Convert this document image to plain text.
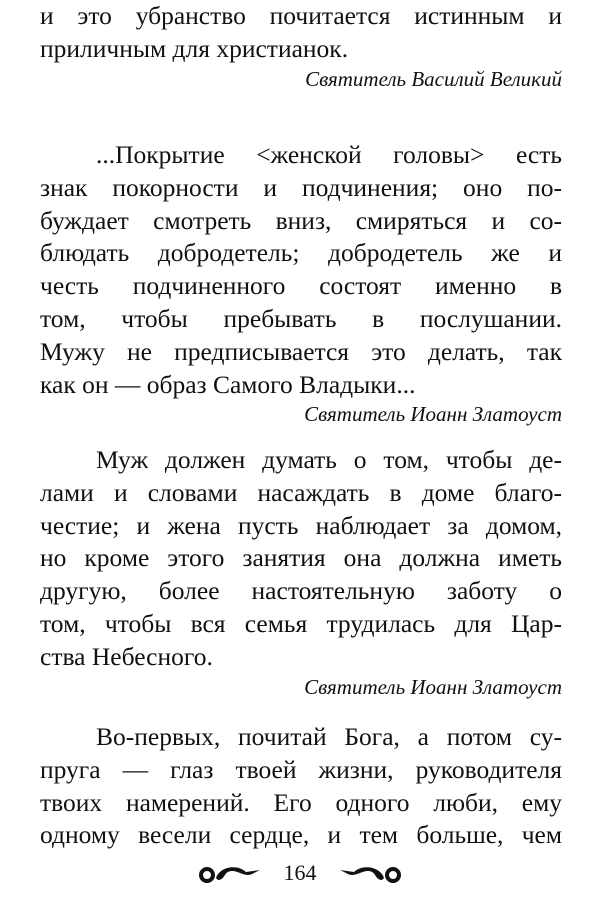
и это убранство почитается истинным и
приличным для христианок.
Святитель Василий Великий
...Покрытие <женской головы> есть
знак покорности и подчинения; оно по-
буждает смотреть вниз, смиряться и со-
блюдать добродетель; добродетель же и
честь подчиненного состоят именно в
том, чтобы пребывать в послушании.
Мужу не предписывается это делать, так
как он — образ Самого Владыки...
Святитель Иоанн Златоуст
Муж должен думать о том, чтобы де-
лами и словами насаждать в доме благо-
честие; и жена пусть наблюдает за домом,
но кроме этого занятия она должна иметь
другую, более настоятельную заботу о
том, чтобы вся семья трудилась для Цар-
ства Небесного.
Святитель Иоанн Златоуст
Во-первых, почитай Бога, а потом су-
пруга — глаз твоей жизни, руководителя
твоих намерений. Его одного люби, ему
одному весели сердце, и тем больше, чем
164
